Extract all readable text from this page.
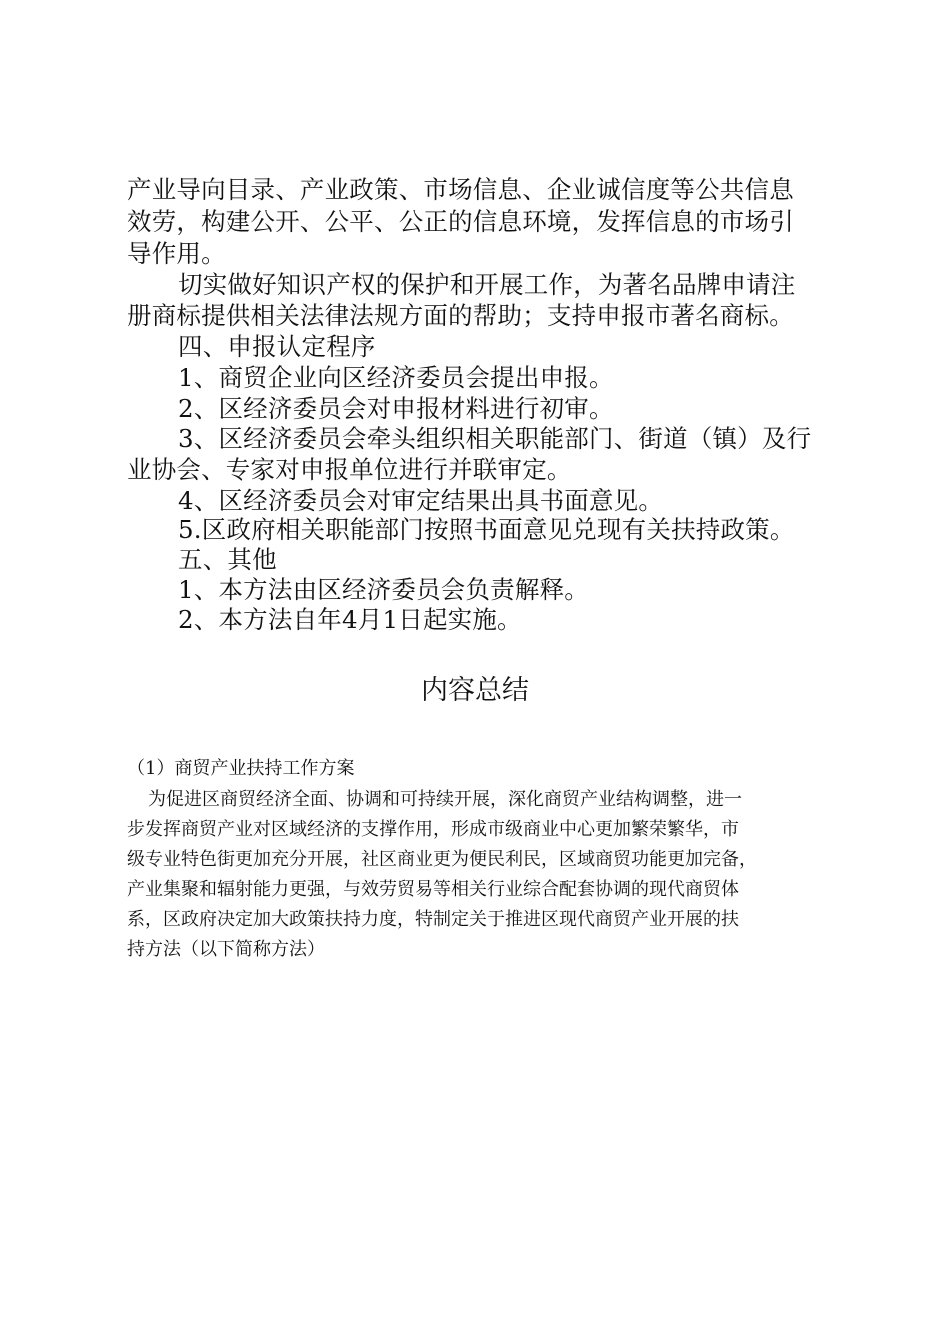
产业导向目录、产业政策、市场信息、企业诚信度等公共信息
效劳，构建公开、公平、公正的信息环境，发挥信息的市场引
导作用。
切实做好知识产权的保护和开展工作，为著名品牌申请注
册商标提供相关法律法规方面的帮助；支持申报市著名商标。
四、申报认定程序
1、商贸企业向区经济委员会提出申报。
2、区经济委员会对申报材料进行初审。
3、区经济委员会牵头组织相关职能部门、街道（镇）及行
业协会、专家对申报单位进行并联审定。
4、区经济委员会对审定结果出具书面意见。
5.区政府相关职能部门按照书面意见兑现有关扶持政策。
五、其他
1、本方法由区经济委员会负责解释。
2、本方法自年4月1日起实施。
内容总结
（1）商贸产业扶持工作方案
为促进区商贸经济全面、协调和可持续开展，深化商贸产业结构调整，进一
步发挥商贸产业对区域经济的支撑作用，形成市级商业中心更加繁荣繁华，市
级专业特色街更加充分开展，社区商业更为便民利民，区域商贸功能更加完备，
产业集聚和辐射能力更强，与效劳贸易等相关行业综合配套协调的现代商贸体
系，区政府决定加大政策扶持力度，特制定关于推进区现代商贸产业开展的扶
持方法（以下简称方法）
